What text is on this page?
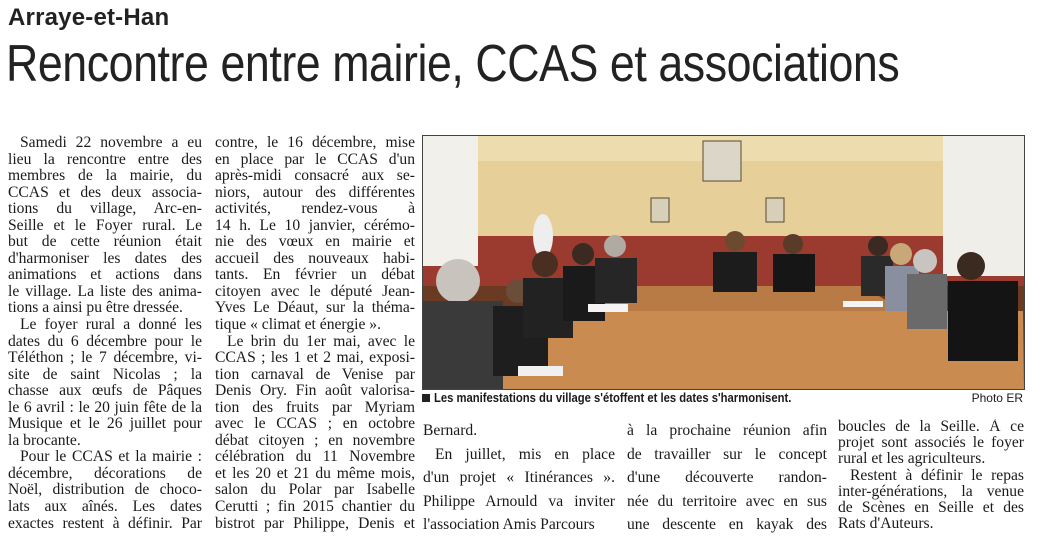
Arraye-et-Han
Rencontre entre mairie, CCAS et associations
Samedi 22 novembre a eu
lieu la rencontre entre des
membres de la mairie, du
CCAS et des deux associa-
tions du village, Arc-en-
Seille et le Foyer rural. Le
but de cette réunion était
d'harmoniser les dates des
animations et actions dans
le village. La liste des anima-
tions a ainsi pu être dressée.
Le foyer rural a donné les
dates du 6 décembre pour le
Téléthon ; le 7 décembre, vi-
site de saint Nicolas ; la
chasse aux œufs de Pâques
le 6 avril : le 20 juin fête de la
Musique et le 26 juillet pour
la brocante.
Pour le CCAS et la mairie :
décembre, décorations de
Noël, distribution de choco-
lats aux aînés. Les dates
exactes restent à définir. Par
contre, le 16 décembre, mise
en place par le CCAS d'un
après-midi consacré aux se-
niors, autour des différentes
activités, rendez-vous à
14 h. Le 10 janvier, cérémo-
nie des vœux en mairie et
accueil des nouveaux habi-
tants. En février un débat
citoyen avec le député Jean-
Yves Le Déaut, sur la théma-
tique « climat et énergie ».
Le brin du 1er mai, avec le
CCAS ; les 1 et 2 mai, exposi-
tion carnaval de Venise par
Denis Ory. Fin août valorisa-
tion des fruits par Myriam
avec le CCAS ; en octobre
débat citoyen ; en novembre
célébration du 11 Novembre
et les 20 et 21 du même mois,
salon du Polar par Isabelle
Cerutti ; fin 2015 chantier du
bistrot par Philippe, Denis et
Les manifestations du village s'étoffent et les dates s'harmonisent.	Photo ER
Bernard.
En juillet, mis en place
d'un projet « Itinérances ».
Philippe Arnould va inviter
l'association Amis Parcours
à la prochaine réunion afin
de travailler sur le concept
d'une découverte randon-
née du territoire avec en sus
une descente en kayak des
boucles de la Seille. À ce
projet sont associés le foyer
rural et les agriculteurs.
Restent à définir le repas
inter-générations, la venue
de Scènes en Seille et des
Rats d'Auteurs.
